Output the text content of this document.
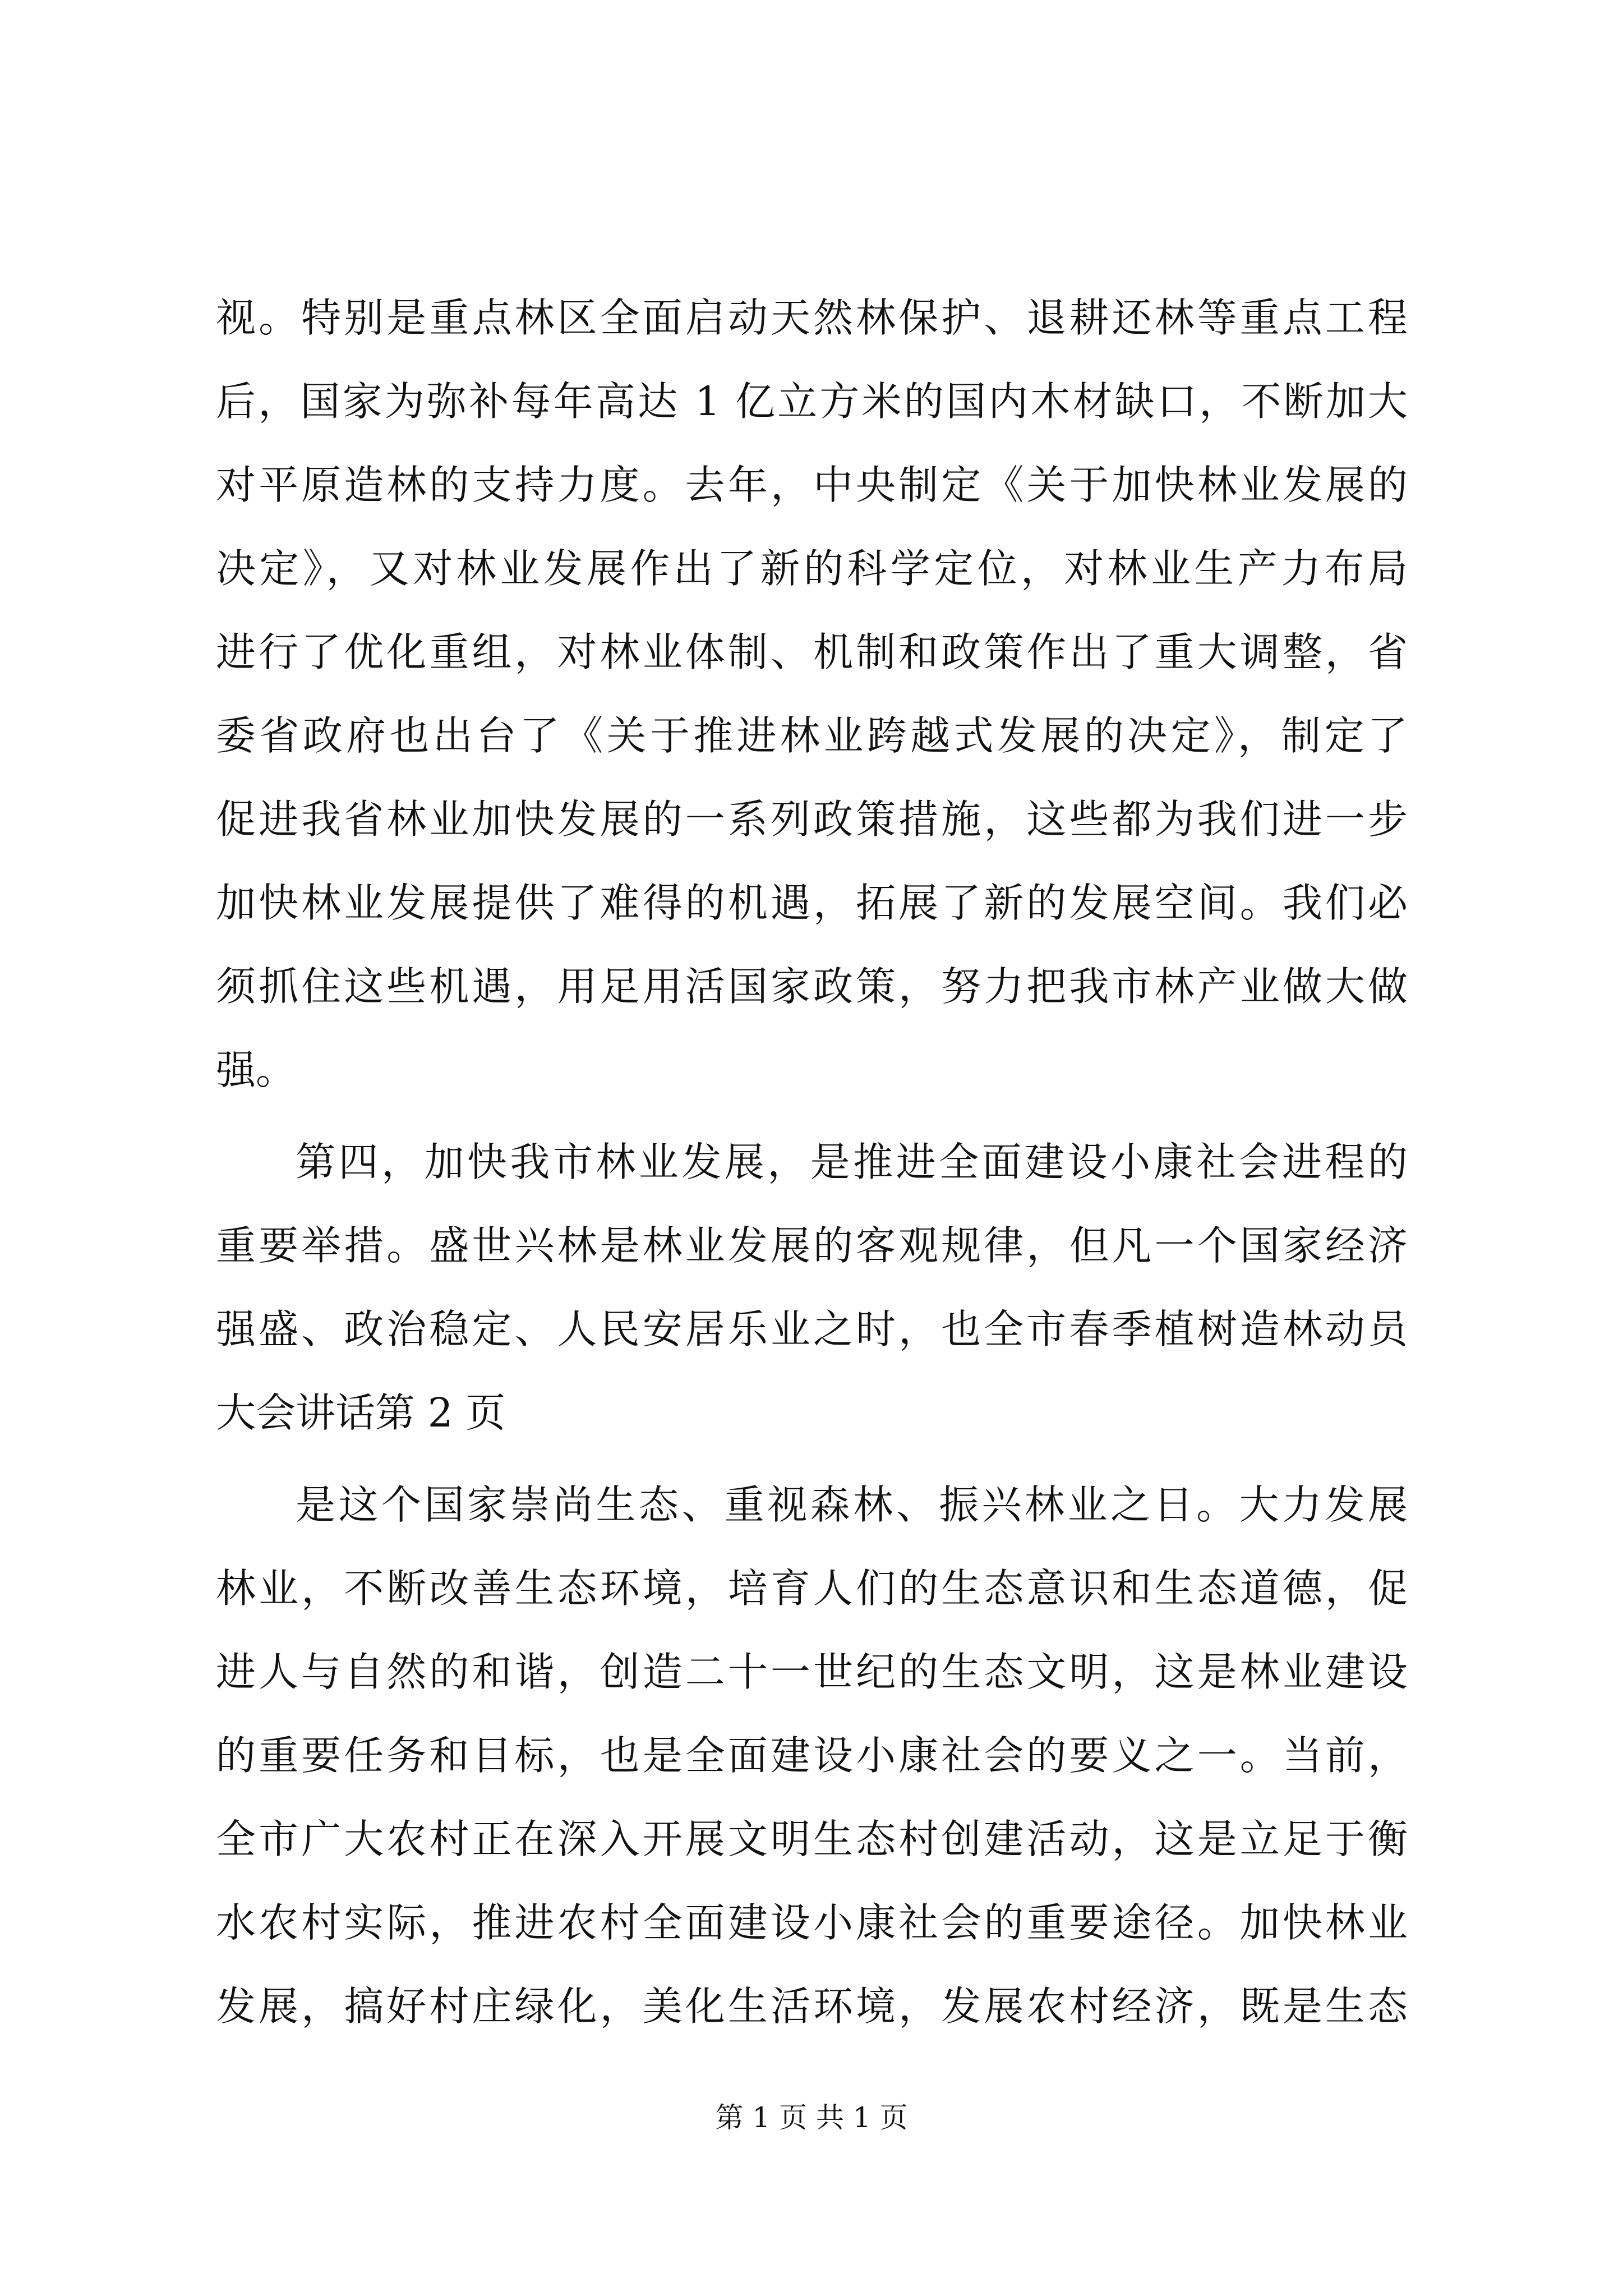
视。特别是重点林区全面启动天然林保护、退耕还林等重点工程
后，国家为弥补每年高达 1 亿立方米的国内木材缺口，不断加大
对平原造林的支持力度。去年，中央制定《关于加快林业发展的
决定》，又对林业发展作出了新的科学定位，对林业生产力布局
进行了优化重组，对林业体制、机制和政策作出了重大调整，省
委省政府也出台了《关于推进林业跨越式发展的决定》，制定了
促进我省林业加快发展的一系列政策措施，这些都为我们进一步
加快林业发展提供了难得的机遇，拓展了新的发展空间。我们必
须抓住这些机遇，用足用活国家政策，努力把我市林产业做大做
强。
第四，加快我市林业发展，是推进全面建设小康社会进程的
重要举措。盛世兴林是林业发展的客观规律，但凡一个国家经济
强盛、政治稳定、人民安居乐业之时，也全市春季植树造林动员
大会讲话第 2 页
是这个国家崇尚生态、重视森林、振兴林业之日。大力发展
林业，不断改善生态环境，培育人们的生态意识和生态道德，促
进人与自然的和谐，创造二十一世纪的生态文明，这是林业建设
的重要任务和目标，也是全面建设小康社会的要义之一。当前，
全市广大农村正在深入开展文明生态村创建活动，这是立足于衡
水农村实际，推进农村全面建设小康社会的重要途径。加快林业
发展，搞好村庄绿化，美化生活环境，发展农村经济，既是生态
第 1 页 共 1 页
